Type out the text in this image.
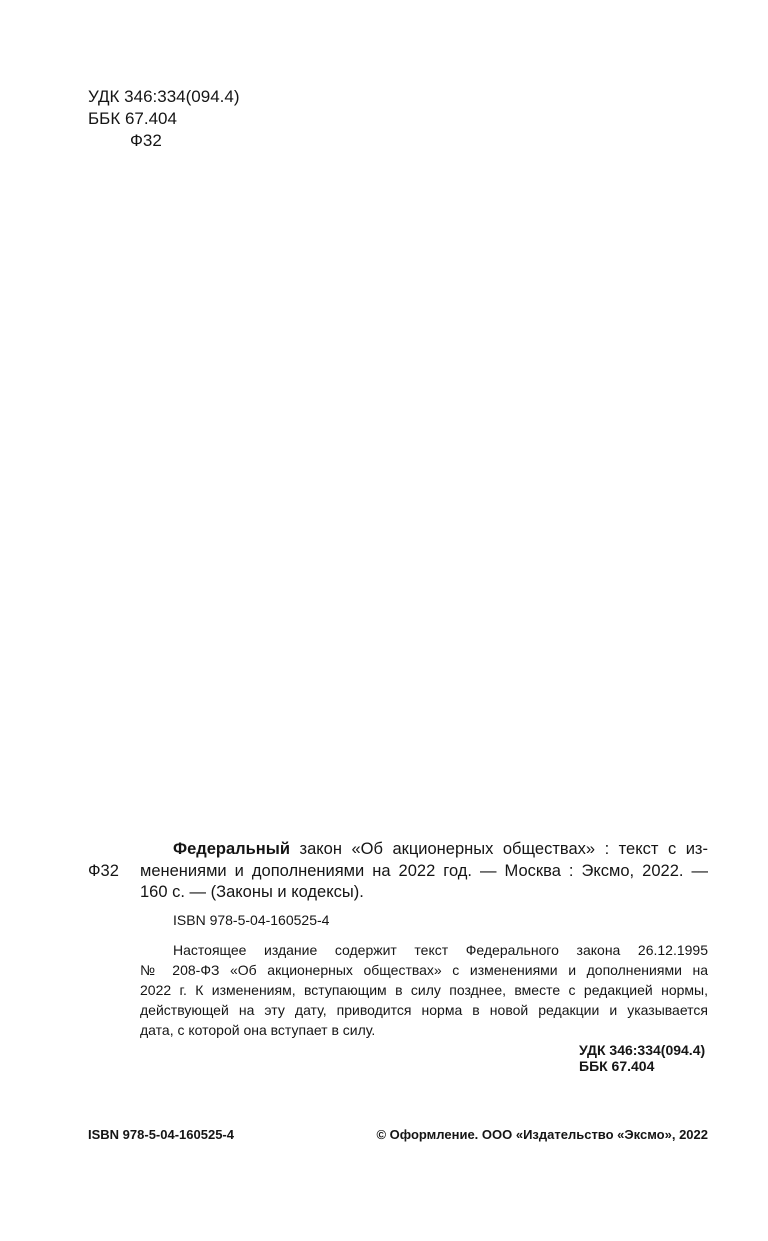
УДК 346:334(094.4)
ББК 67.404
Ф32
Федеральный закон «Об акционерных обществах» : текст с из-
Ф32 менениями и дополнениями на 2022 год. — Москва : Эксмо, 2022. —
160 с. — (Законы и кодексы).
ISBN 978-5-04-160525-4
Настоящее издание содержит текст Федерального закона 26.12.1995
№ 208-ФЗ «Об акционерных обществах» с изменениями и дополнениями на
2022 г. К изменениям, вступающим в силу позднее, вместе с редакцией нормы,
действующей на эту дату, приводится норма в новой редакции и указывается
дата, с которой она вступает в силу.
УДК 346:334(094.4)
ББК 67.404
ISBN 978-5-04-160525-4	© Оформление. ООО «Издательство «Эксмо», 2022
